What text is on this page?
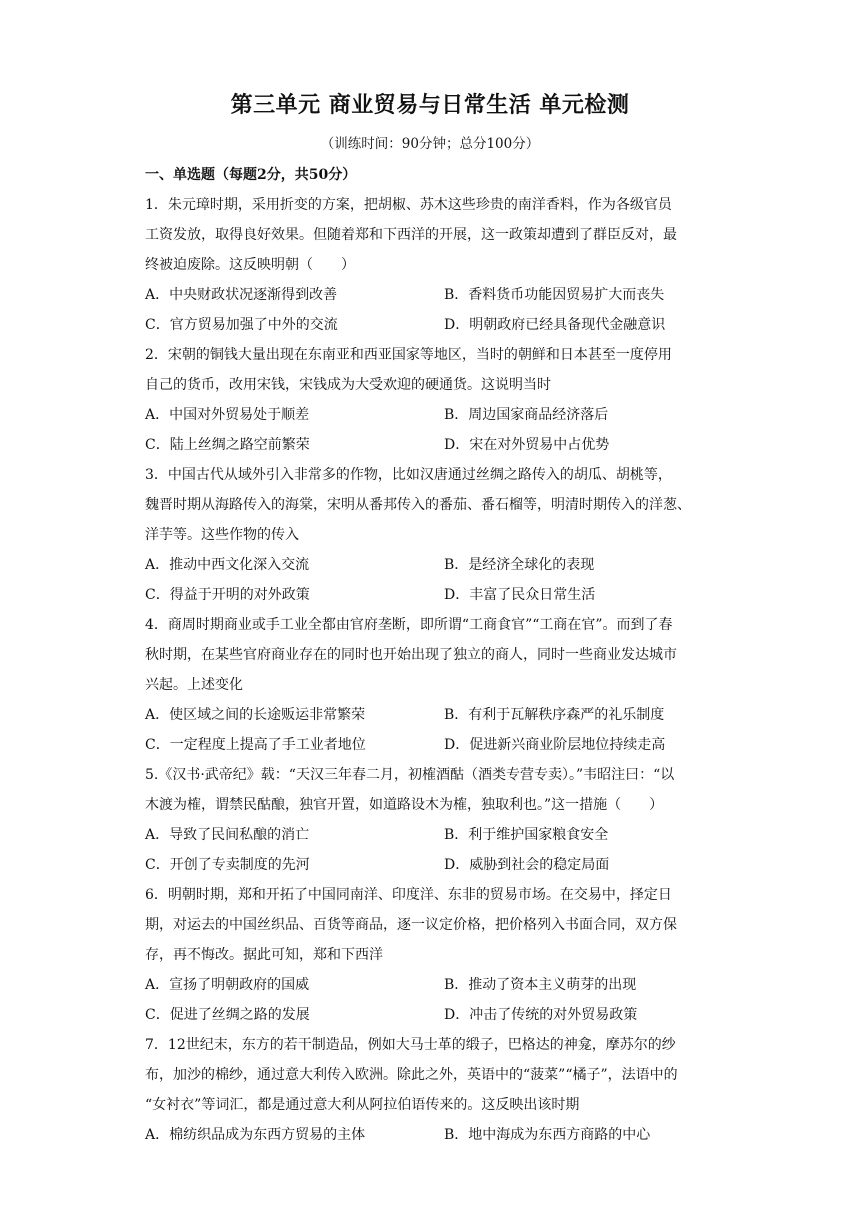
第三单元 商业贸易与日常生活 单元检测
（训练时间：90分钟；总分100分）
一、单选题（每题2分，共50分）
1．朱元璋时期，采用折变的方案，把胡椒、苏木这些珍贵的南洋香料，作为各级官员
工资发放，取得良好效果。但随着郑和下西洋的开展，这一政策却遭到了群臣反对，最
终被迫废除。这反映明朝（　　）
A．中央财政状况逐渐得到改善	B．香料货币功能因贸易扩大而丧失
C．官方贸易加强了中外的交流	D．明朝政府已经具备现代金融意识
2．宋朝的铜钱大量出现在东南亚和西亚国家等地区，当时的朝鲜和日本甚至一度停用
自己的货币，改用宋钱，宋钱成为大受欢迎的硬通货。这说明当时
A．中国对外贸易处于顺差	B．周边国家商品经济落后
C．陆上丝绸之路空前繁荣	D．宋在对外贸易中占优势
3．中国古代从域外引入非常多的作物，比如汉唐通过丝绸之路传入的胡瓜、胡桃等，
魏晋时期从海路传入的海棠，宋明从番邦传入的番茄、番石榴等，明清时期传入的洋葱、
洋芋等。这些作物的传入
A．推动中西文化深入交流	B．是经济全球化的表现
C．得益于开明的对外政策	D．丰富了民众日常生活
4．商周时期商业或手工业全都由官府垄断，即所谓“工商食官”“工商在官”。而到了春
秋时期，在某些官府商业存在的同时也开始出现了独立的商人，同时一些商业发达城市
兴起。上述变化
A．使区域之间的长途贩运非常繁荣	B．有利于瓦解秩序森严的礼乐制度
C．一定程度上提高了手工业者地位	D．促进新兴商业阶层地位持续走高
5.《汉书·武帝纪》载：“天汉三年春二月，初榷酒酤（酒类专营专卖）。”韦昭注曰：“以
木渡为榷，谓禁民酤酿，独官开置，如道路设木为榷，独取利也。”这一措施（　　）
A．导致了民间私酿的消亡	B．利于维护国家粮食安全
C．开创了专卖制度的先河	D．威胁到社会的稳定局面
6．明朝时期，郑和开拓了中国同南洋、印度洋、东非的贸易市场。在交易中，择定日
期，对运去的中国丝织品、百货等商品，逐一议定价格，把价格列入书面合同，双方保
存，再不悔改。据此可知，郑和下西洋
A．宣扬了明朝政府的国威	B．推动了资本主义萌芽的出现
C．促进了丝绸之路的发展	D．冲击了传统的对外贸易政策
7．12世纪末，东方的若干制造品，例如大马士革的缎子，巴格达的神龛，摩苏尔的纱
布，加沙的棉纱，通过意大利传入欧洲。除此之外，英语中的“菠菜”“橘子”，法语中的
“女衬衣”等词汇，都是通过意大利从阿拉伯语传来的。这反映出该时期
A．棉纺织品成为东西方贸易的主体	B．地中海成为东西方商路的中心
